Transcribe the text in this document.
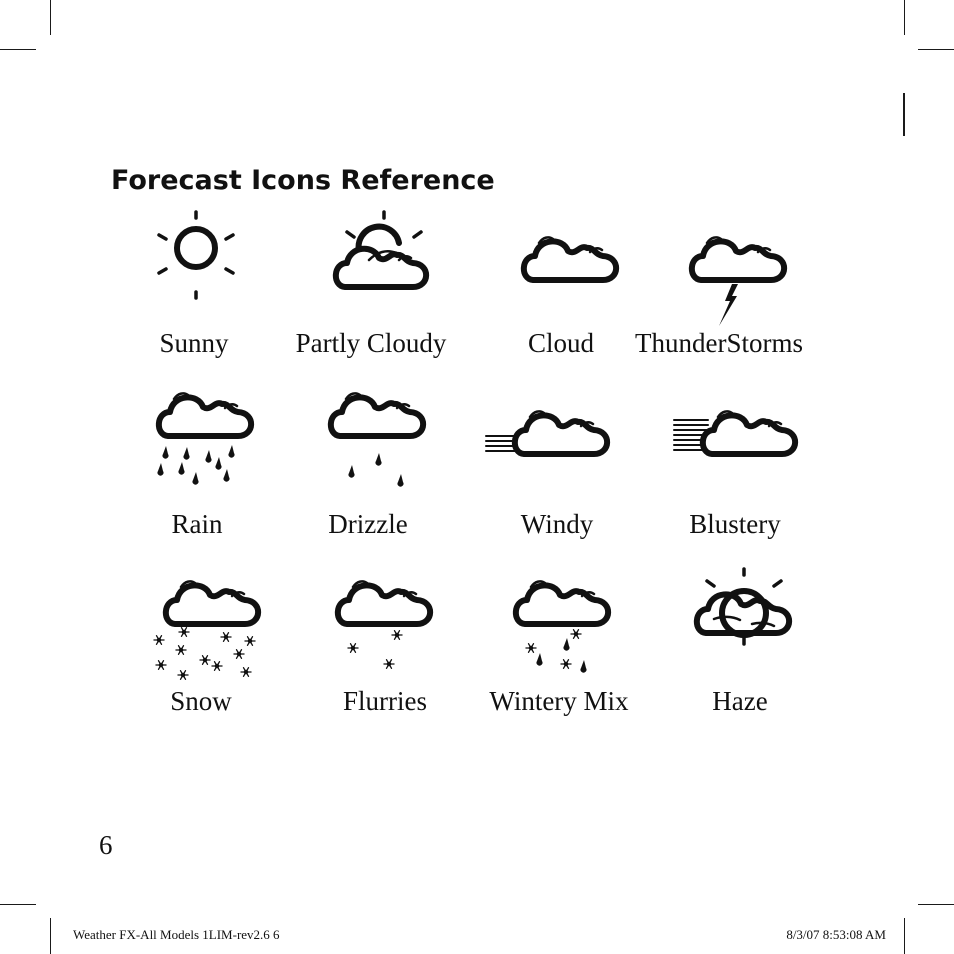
Forecast Icons Reference
Sunny	Partly Cloudy	Cloud	ThunderStorms
Rain	Drizzle	Windy	Blustery
Snow	Flurries	Wintery Mix	Haze
6
Weather FX-All Models 1LIM-rev2.6 6	8/3/07 8:53:08 AM
